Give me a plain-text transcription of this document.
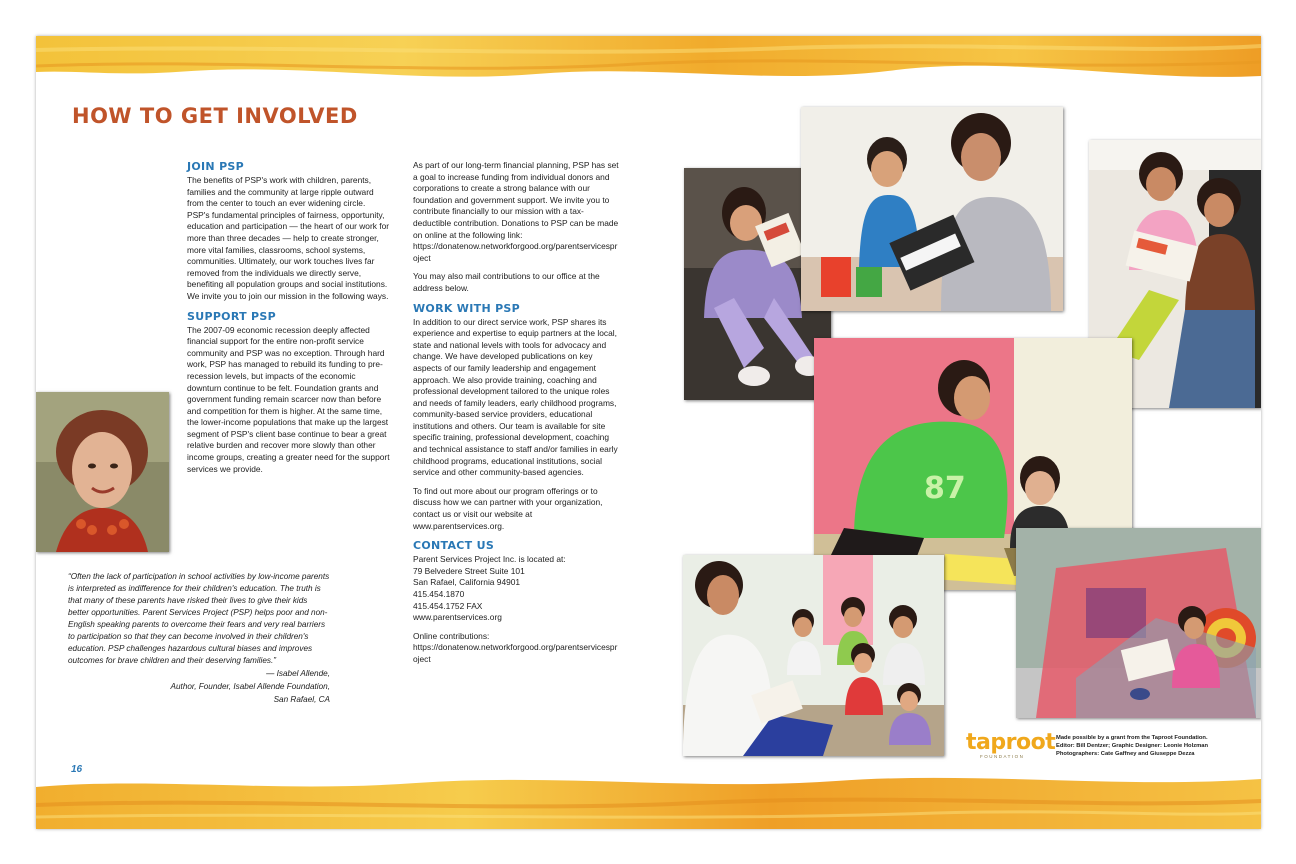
HOW TO GET INVOLVED
JOIN PSP

The benefits of PSP's work with children, parents, families and the community at large ripple outward from the center to touch an ever widening circle. PSP's fundamental principles of fairness, opportunity, education and participation — the heart of our work for more than three decades — help to create stronger, more vital families, classrooms, school systems, communities. Ultimately, our work touches lives far removed from the individuals we directly serve, benefiting all population groups and social institutions. We invite you to join our mission in the following ways.

SUPPORT PSP

The 2007-09 economic recession deeply affected financial support for the entire non-profit service community and PSP was no exception. Through hard work, PSP has managed to rebuild its funding to pre-recession levels, but impacts of the economic downturn continue to be felt. Foundation grants and government funding remain scarcer now than before and competition for them is higher. At the same time, the lower-income populations that make up the largest segment of PSP's client base continue to bear a great relative burden and recover more slowly than other income groups, creating a greater need for the support services we provide.

As part of our long-term financial planning, PSP has set a goal to increase funding from individual donors and corporations to create a strong balance with our foundation and government support. We invite you to contribute financially to our mission with a tax-deductible contribution. Donations to PSP can be made on online at the following link:
https://donatenow.networkforgood.org/parentservicesproject

You may also mail contributions to our office at the address below.

WORK WITH PSP

In addition to our direct service work, PSP shares its experience and expertise to equip partners at the local, state and national levels with tools for advocacy and change. We have developed publications on key aspects of our family leadership and engagement approach. We also provide training, coaching and professional development tailored to the unique roles and needs of family leaders, early childhood programs, community-based service providers, educational institutions and others. Our team is available for site specific training, professional development, coaching and technical assistance to staff and/or families in early childhood programs, educational institutions, social service and other community-based agencies.

To find out more about our program offerings or to discuss how we can partner with your organization, contact us or visit our website at www.parentservices.org.

CONTACT US
Parent Services Project Inc. is located at:
79 Belvedere Street Suite 101
San Rafael, California 94901
415.454.1870
415.454.1752 FAX
www.parentservices.org

Online contributions:
https://donatenow.networkforgood.org/parentservicesproject

“Often the lack of participation in school activities by low-income parents is interpreted as indifference for their children's education. The truth is that many of these parents have risked their lives to give their kids better opportunities. Parent Services Project (PSP) helps poor and non-English speaking parents to overcome their fears and very real barriers to participation so that they can become involved in their children's education. PSP challenges hazardous cultural biases and improves outcomes for brave children and their deserving families.”
— Isabel Allende,
Author, Founder, Isabel Allende Foundation,
San Rafael, CA
16
87
taproot
FOUNDATION
Made possible by a grant from the Taproot Foundation.
Editor: Bill Dentzer; Graphic Designer: Leonie Holzman
Photographers: Cate Gaffney and Giuseppe Dezza
